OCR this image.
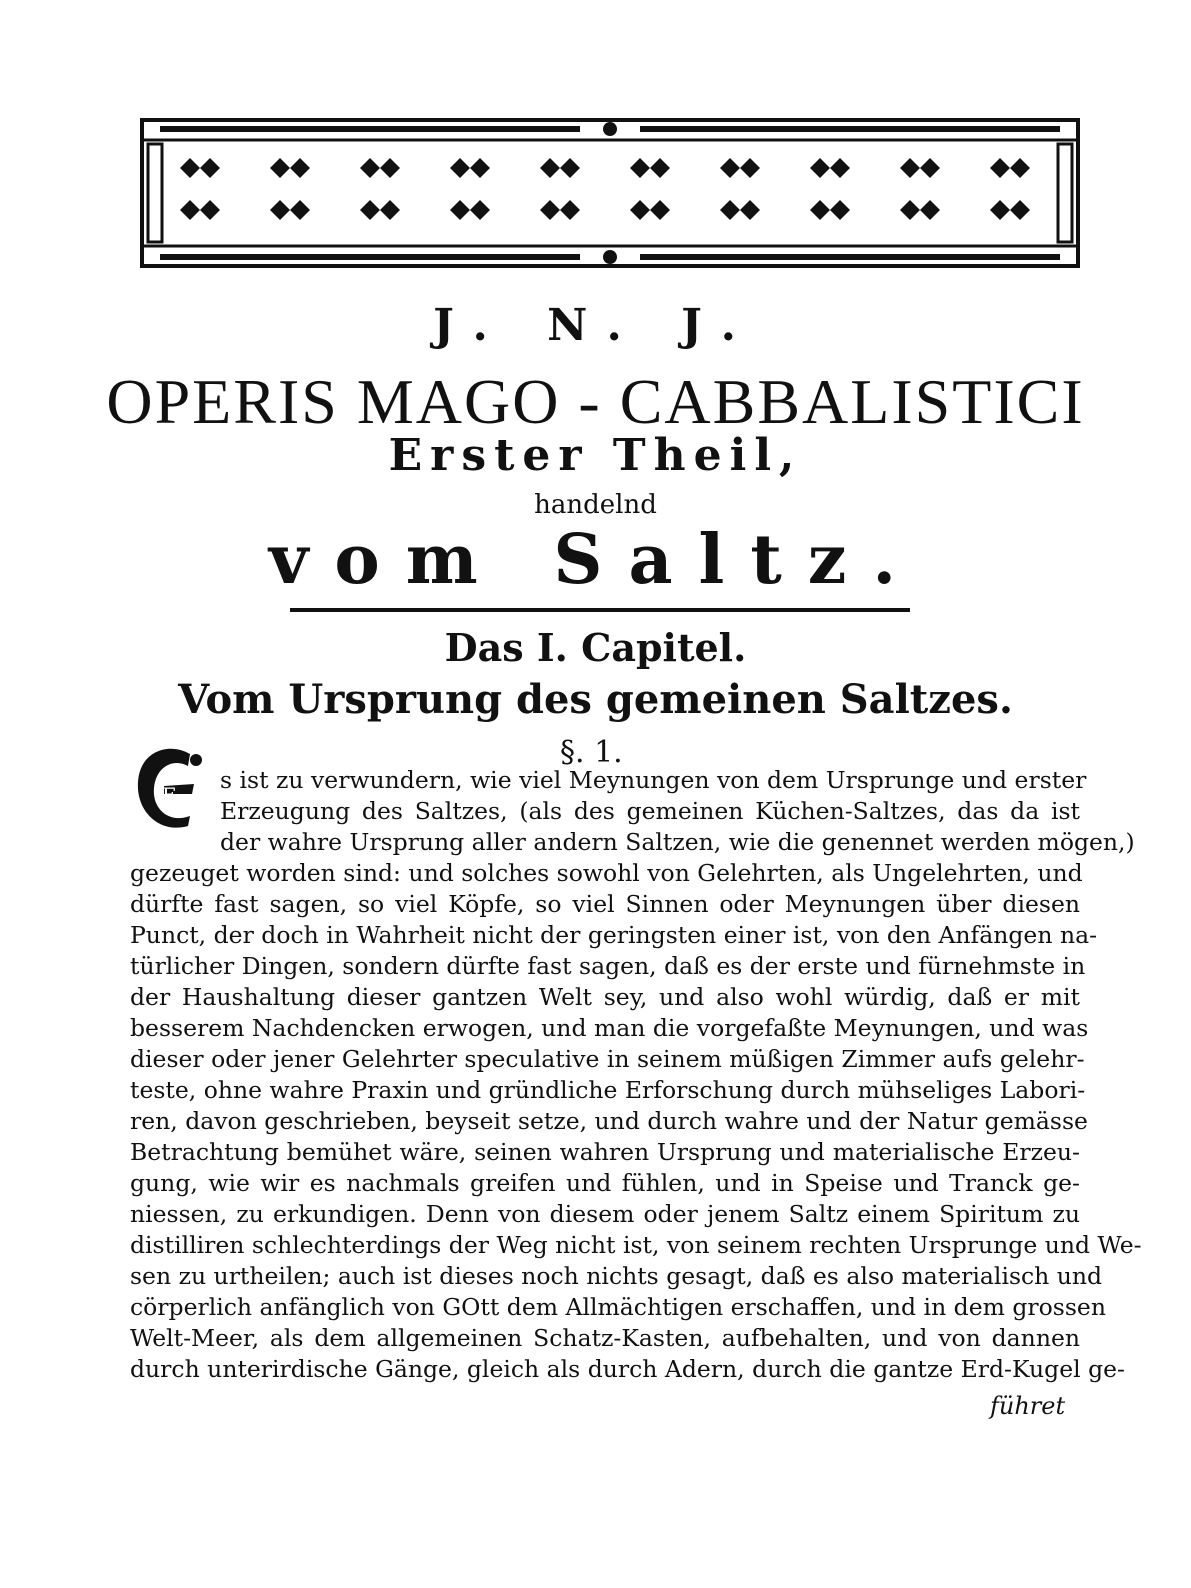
J. N. J.
OPERIS MAGO - CABBALISTICI
Erster Theil,
handelnd
vom Saltz.
Das I. Capitel.
Vom Ursprung des gemeinen Saltzes.
§. 1.
E
s ist zu verwundern, wie viel Meynungen von dem Ursprunge und erster
Erzeugung des Saltzes, (als des gemeinen Küchen-Saltzes, das da ist
der wahre Ursprung aller andern Saltzen, wie die genennet werden mögen,)
gezeuget worden sind: und solches sowohl von Gelehrten, als Ungelehrten, und
dürfte fast sagen, so viel Köpfe, so viel Sinnen oder Meynungen über diesen
Punct, der doch in Wahrheit nicht der geringsten einer ist, von den Anfängen na-
türlicher Dingen, sondern dürfte fast sagen, daß es der erste und fürnehmste in
der Haushaltung dieser gantzen Welt sey, und also wohl würdig, daß er mit
besserem Nachdencken erwogen, und man die vorgefaßte Meynungen, und was
dieser oder jener Gelehrter speculative in seinem müßigen Zimmer aufs gelehr-
teste, ohne wahre Praxin und gründliche Erforschung durch mühseliges Labori-
ren, davon geschrieben, beyseit setze, und durch wahre und der Natur gemässe
Betrachtung bemühet wäre, seinen wahren Ursprung und materialische Erzeu-
gung, wie wir es nachmals greifen und fühlen, und in Speise und Tranck ge-
niessen, zu erkundigen. Denn von diesem oder jenem Saltz einem Spiritum zu
distilliren schlechterdings der Weg nicht ist, von seinem rechten Ursprunge und We-
sen zu urtheilen; auch ist dieses noch nichts gesagt, daß es also materialisch und
cörperlich anfänglich von GOtt dem Allmächtigen erschaffen, und in dem grossen
Welt-Meer, als dem allgemeinen Schatz-Kasten, aufbehalten, und von dannen
durch unterirdische Gänge, gleich als durch Adern, durch die gantze Erd-Kugel ge-
führet
